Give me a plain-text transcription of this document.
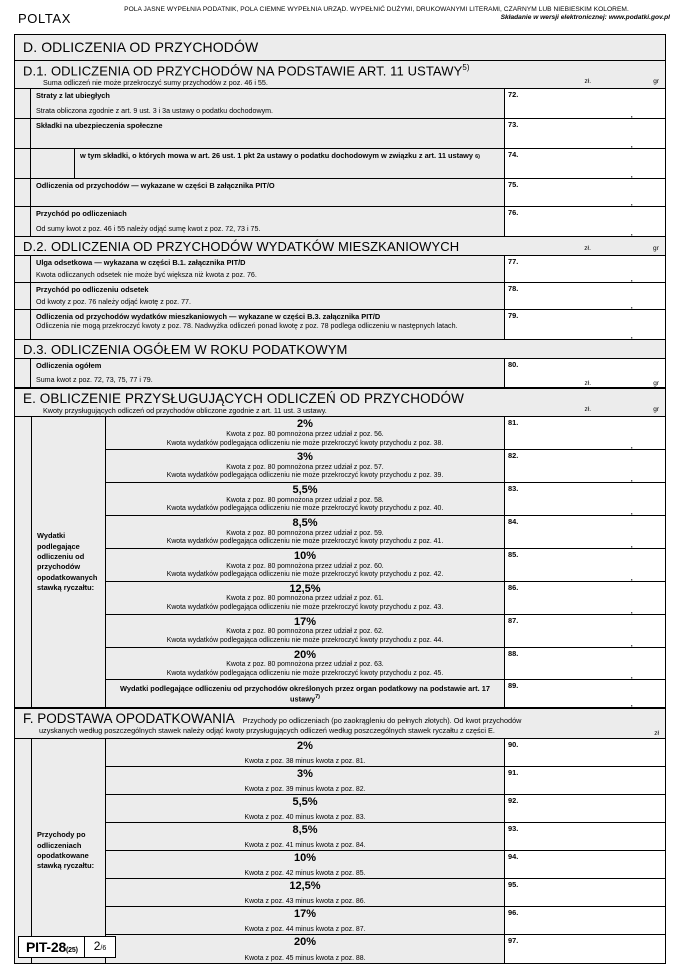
POLTAX
POLA JASNE WYPEŁNIA PODATNIK, POLA CIEMNE WYPEŁNIA URZĄD. WYPEŁNIĆ DUŻYMI, DRUKOWANYMI LITERAMI, CZARNYM LUB NIEBIESKIM KOLOREM.
Składanie w wersji elektronicznej: www.podatki.gov.pl
D. ODLICZENIA OD PRZYCHODÓW
D.1. ODLICZENIA OD PRZYCHODÓW NA PODSTAWIE ART. 11 USTAWY$^{5)}$
Suma odliczeń nie może przekroczyć sumy przychodów z poz. 46 i 55.	zł.	gr
Straty z lat ubiegłych
Strata obliczona zgodnie z art. 9 ust. 3 i 3a ustawy o podatku dochodowym.
72.
,
Składki na ubezpieczenia społeczne	73.
,
w tym składki, o których mowa w art. 26 ust. 1 pkt 2a ustawy o podatku dochodowym w związku z art. 11 ustawy 6)	74.
,
Odliczenia od przychodów — wykazane w części B załącznika PIT/O	75.
,
Przychód po odliczeniach
Od sumy kwot z poz. 46 i 55 należy odjąć sumę kwot z poz. 72, 73 i 75.
76.
,
D.2. ODLICZENIA OD PRZYCHODÓW WYDATKÓW MIESZKANIOWYCH	zł.	gr
Ulga odsetkowa — wykazana w części B.1. załącznika PIT/D
Kwota odliczanych odsetek nie może być większa niż kwota z poz. 76.
77.
,
Przychód po odliczeniu odsetek
Od kwoty z poz. 76 należy odjąć kwotę z poz. 77.
78.
,
Odliczenia od przychodów wydatków mieszkaniowych — wykazane w części B.3. załącznika PIT/D
Odliczenia nie mogą przekroczyć kwoty z poz. 78. Nadwyżka odliczeń ponad kwotę z poz. 78 podlega odliczeniu w następnych latach.
79.
,
D.3. ODLICZENIA OGÓŁEM W ROKU PODATKOWYM
Odliczenia ogółem
Suma kwot z poz. 72, 73, 75, 77 i 79.
80.
zł.	gr
E. OBLICZENIE PRZYSŁUGUJĄCYCH ODLICZEŃ OD PRZYCHODÓW
Kwoty przysługujących odliczeń od przychodów obliczone zgodnie z art. 11 ust. 3 ustawy.	zł.	gr
Wydatki podlegające odliczeniu od przychodów opodatkowanych stawką ryczałtu:
2%
Kwota z poz. 80 pomnożona przez udział z poz. 56.
Kwota wydatków podlegająca odliczeniu nie może przekroczyć kwoty przychodu z poz. 38.
81.
,
3%
Kwota z poz. 80 pomnożona przez udział z poz. 57.
Kwota wydatków podlegająca odliczeniu nie może przekroczyć kwoty przychodu z poz. 39.
82.
,
5,5%
Kwota z poz. 80 pomnożona przez udział z poz. 58.
Kwota wydatków podlegająca odliczeniu nie może przekroczyć kwoty przychodu z poz. 40.
83.
,
8,5%
Kwota z poz. 80 pomnożona przez udział z poz. 59.
Kwota wydatków podlegająca odliczeniu nie może przekroczyć kwoty przychodu z poz. 41.
84.
,
10%
Kwota z poz. 80 pomnożona przez udział z poz. 60.
Kwota wydatków podlegająca odliczeniu nie może przekroczyć kwoty przychodu z poz. 42.
85.
,
12,5%
Kwota z poz. 80 pomnożona przez udział z poz. 61.
Kwota wydatków podlegająca odliczeniu nie może przekroczyć kwoty przychodu z poz. 43.
86.
,
17%
Kwota z poz. 80 pomnożona przez udział z poz. 62.
Kwota wydatków podlegająca odliczeniu nie może przekroczyć kwoty przychodu z poz. 44.
87.
,
20%
Kwota z poz. 80 pomnożona przez udział z poz. 63.
Kwota wydatków podlegająca odliczeniu nie może przekroczyć kwoty przychodu z poz. 45.
88.
,
Wydatki podlegające odliczeniu od przychodów określonych przez organ podatkowy na podstawie art. 17 ustawy$^{7)}$
89.
,
F. PODSTAWA OPODATKOWANIA	Przychody po odliczeniach (po zaokrągleniu do pełnych złotych). Od kwot przychodów
uzyskanych według poszczególnych stawek należy odjąć kwoty przysługujących odliczeń według poszczególnych stawek ryczałtu z części E.	zł
Przychody po odliczeniach opodatkowane stawką ryczałtu:
2%
Kwota z poz. 38 minus kwota z poz. 81.
90.
3%
Kwota z poz. 39 minus kwota z poz. 82.
91.
5,5%
Kwota z poz. 40 minus kwota z poz. 83.
92.
8,5%
Kwota z poz. 41 minus kwota z poz. 84.
93.
10%
Kwota z poz. 42 minus kwota z poz. 85.
94.
12,5%
Kwota z poz. 43 minus kwota z poz. 86.
95.
17%
Kwota z poz. 44 minus kwota z poz. 87.
96.
20%
Kwota z poz. 45 minus kwota z poz. 88.
97.
PIT-28(25)	2/6
